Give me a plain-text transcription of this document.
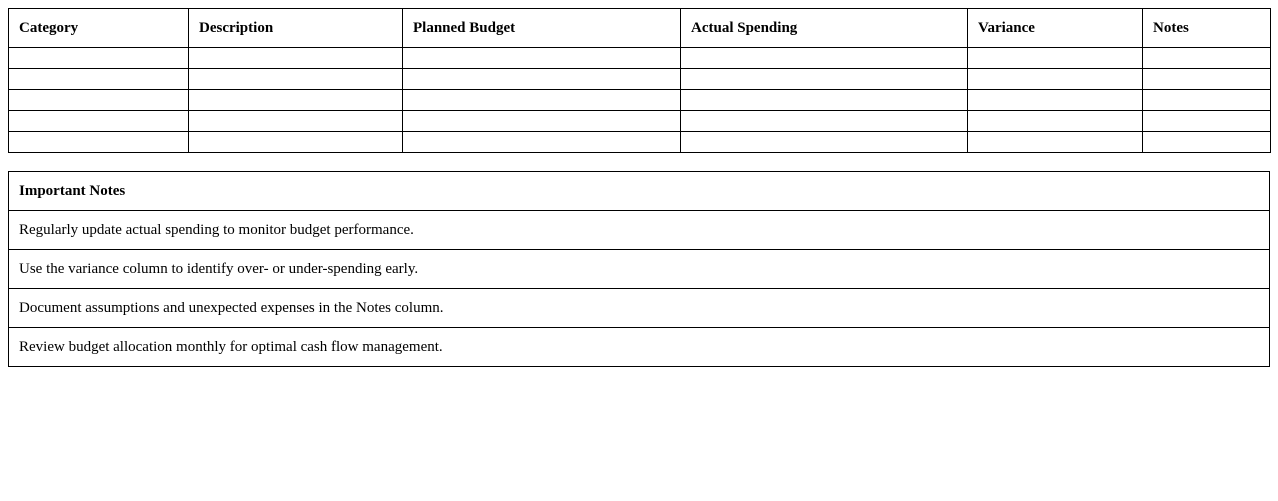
Category	Description	Planned Budget	Actual Spending	Variance	Notes

Important Notes
Regularly update actual spending to monitor budget performance.
Use the variance column to identify over- or under-spending early.
Document assumptions and unexpected expenses in the Notes column.
Review budget allocation monthly for optimal cash flow management.
